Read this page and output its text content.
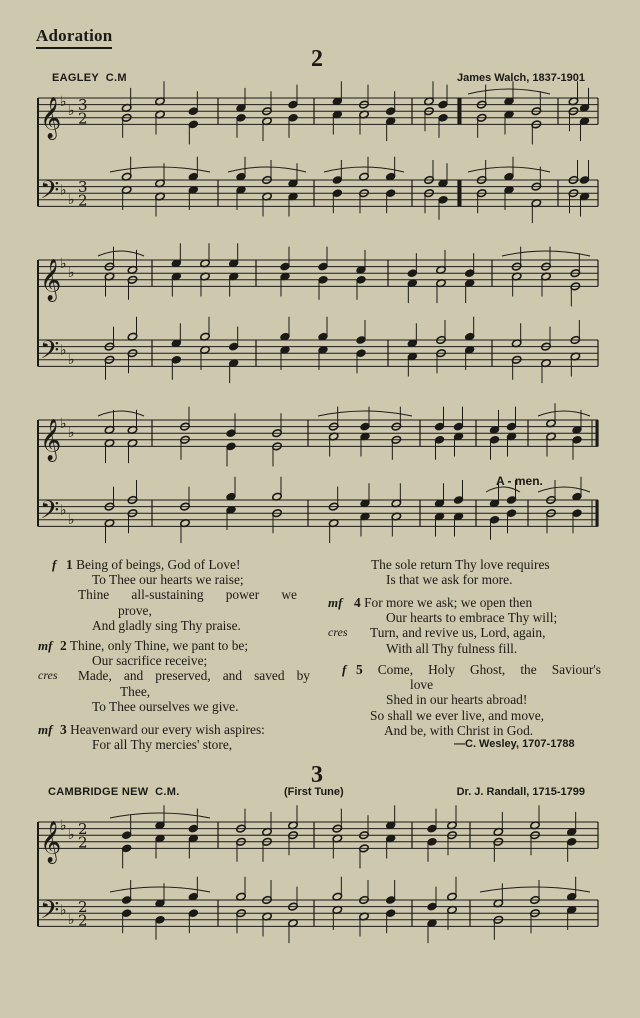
Adoration
2
EAGLEY C.M	James Walch, 1837-1901
𝄞
𝄢
♭
♭
♭
♭
3
2
3
2
𝄞
𝄢
♭
♭
♭
♭
𝄞
𝄢
♭
♭
♭
♭
𝄞
𝄢
♭
♭
♭
♭
2
2
2
2
A - men.
f 1 Being of beings, God of Love!
To Thee our hearts we raise;
Thine all-sustaining power we
prove,
And gladly sing Thy praise.
mf
cres
2 Thine, only Thine, we pant to be;
Our sacrifice receive;
Made, and preserved, and saved by
Thee,
To Thee ourselves we give.
mf 3 Heavenward our every wish aspires:
For all Thy mercies' store,
The sole return Thy love requires
Is that we ask for more.
mf
cres
4 For more we ask; we open then
Our hearts to embrace Thy will;
Turn, and revive us, Lord, again,
With all Thy fulness fill.
f 5 Come, Holy Ghost, the Saviour's
love
Shed in our hearts abroad!
So shall we ever live, and move,
And be, with Christ in God.
—C. Wesley, 1707-1788
3
CAMBRIDGE NEW C.M.	(First Tune)	Dr. J. Randall, 1715-1799
